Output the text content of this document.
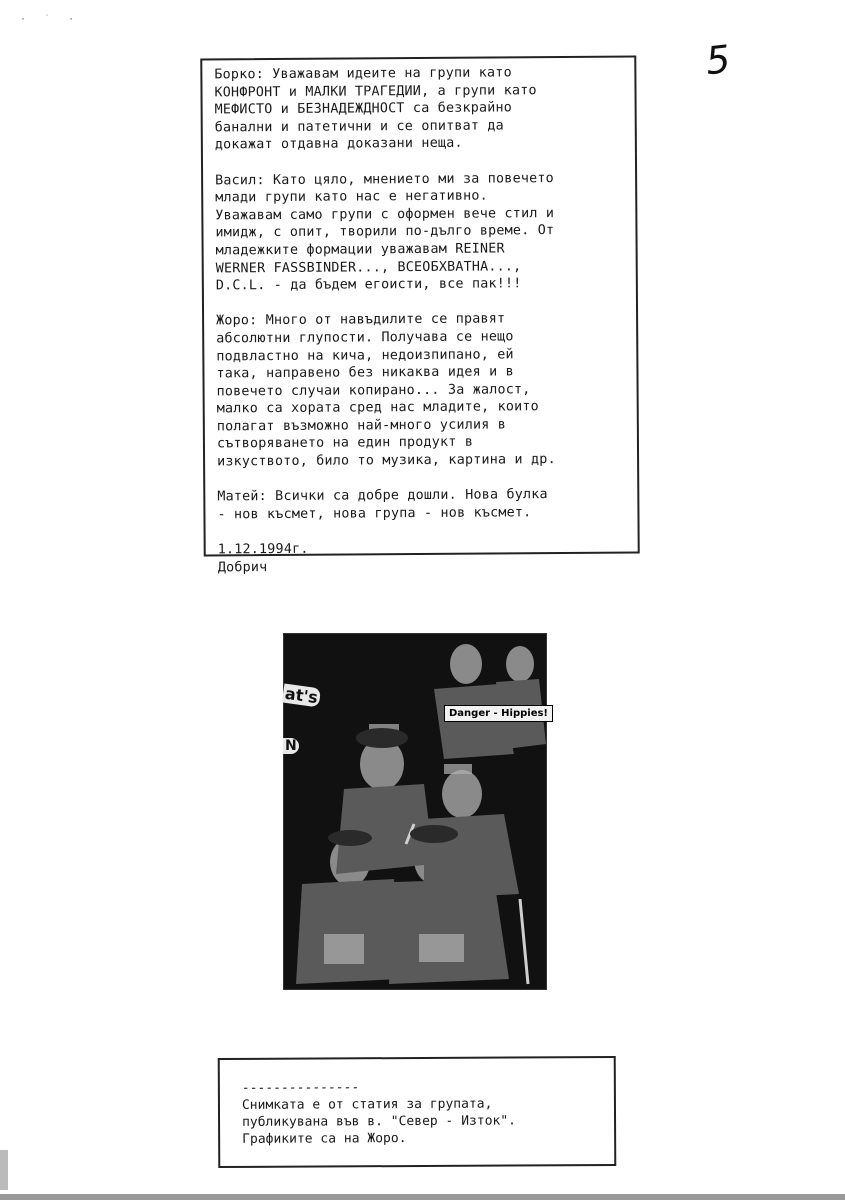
· ˙ ·
5
Борко: Уважавам идеите на групи като
КОНФРОНТ и МАЛКИ ТРАГЕДИИ, а групи като
МЕФИСТО и БЕЗНАДЕЖДНОСТ са безкрайно
банални и патетични и се опитват да
докажат отдавна доказани неща.
Васил: Като цяло, мнението ми за повечето
млади групи като нас е негативно.
Уважавам само групи с оформен вече стил и
имидж, с опит, творили по-дълго време. От
младежките формации уважавам REINER
WERNER FASSBINDER..., ВСЕОБХВАТНА...,
D.C.L. - да бъдем егоисти, все пак!!!
Жоро: Много от навъдилите се правят
абсолютни глупости. Получава се нещо
подвластно на кича, недоизпипано, ей
така, направено без никаква идея и в
повечето случаи копирано... За жалост,
малко са хората сред нас младите, които
полагат възможно най-много усилия в
сътворяването на един продукт в
изкуството, било то музика, картина и др.
Матей: Всички са добре дошли. Нова булка
- нов късмет, нова група - нов късмет.
1.12.1994г.
Добрич
at's
N
Danger - Hippies!
---------------
Снимката е от статия за групата,
публикувана във в. "Север - Изток".
Графиките са на Жоро.
